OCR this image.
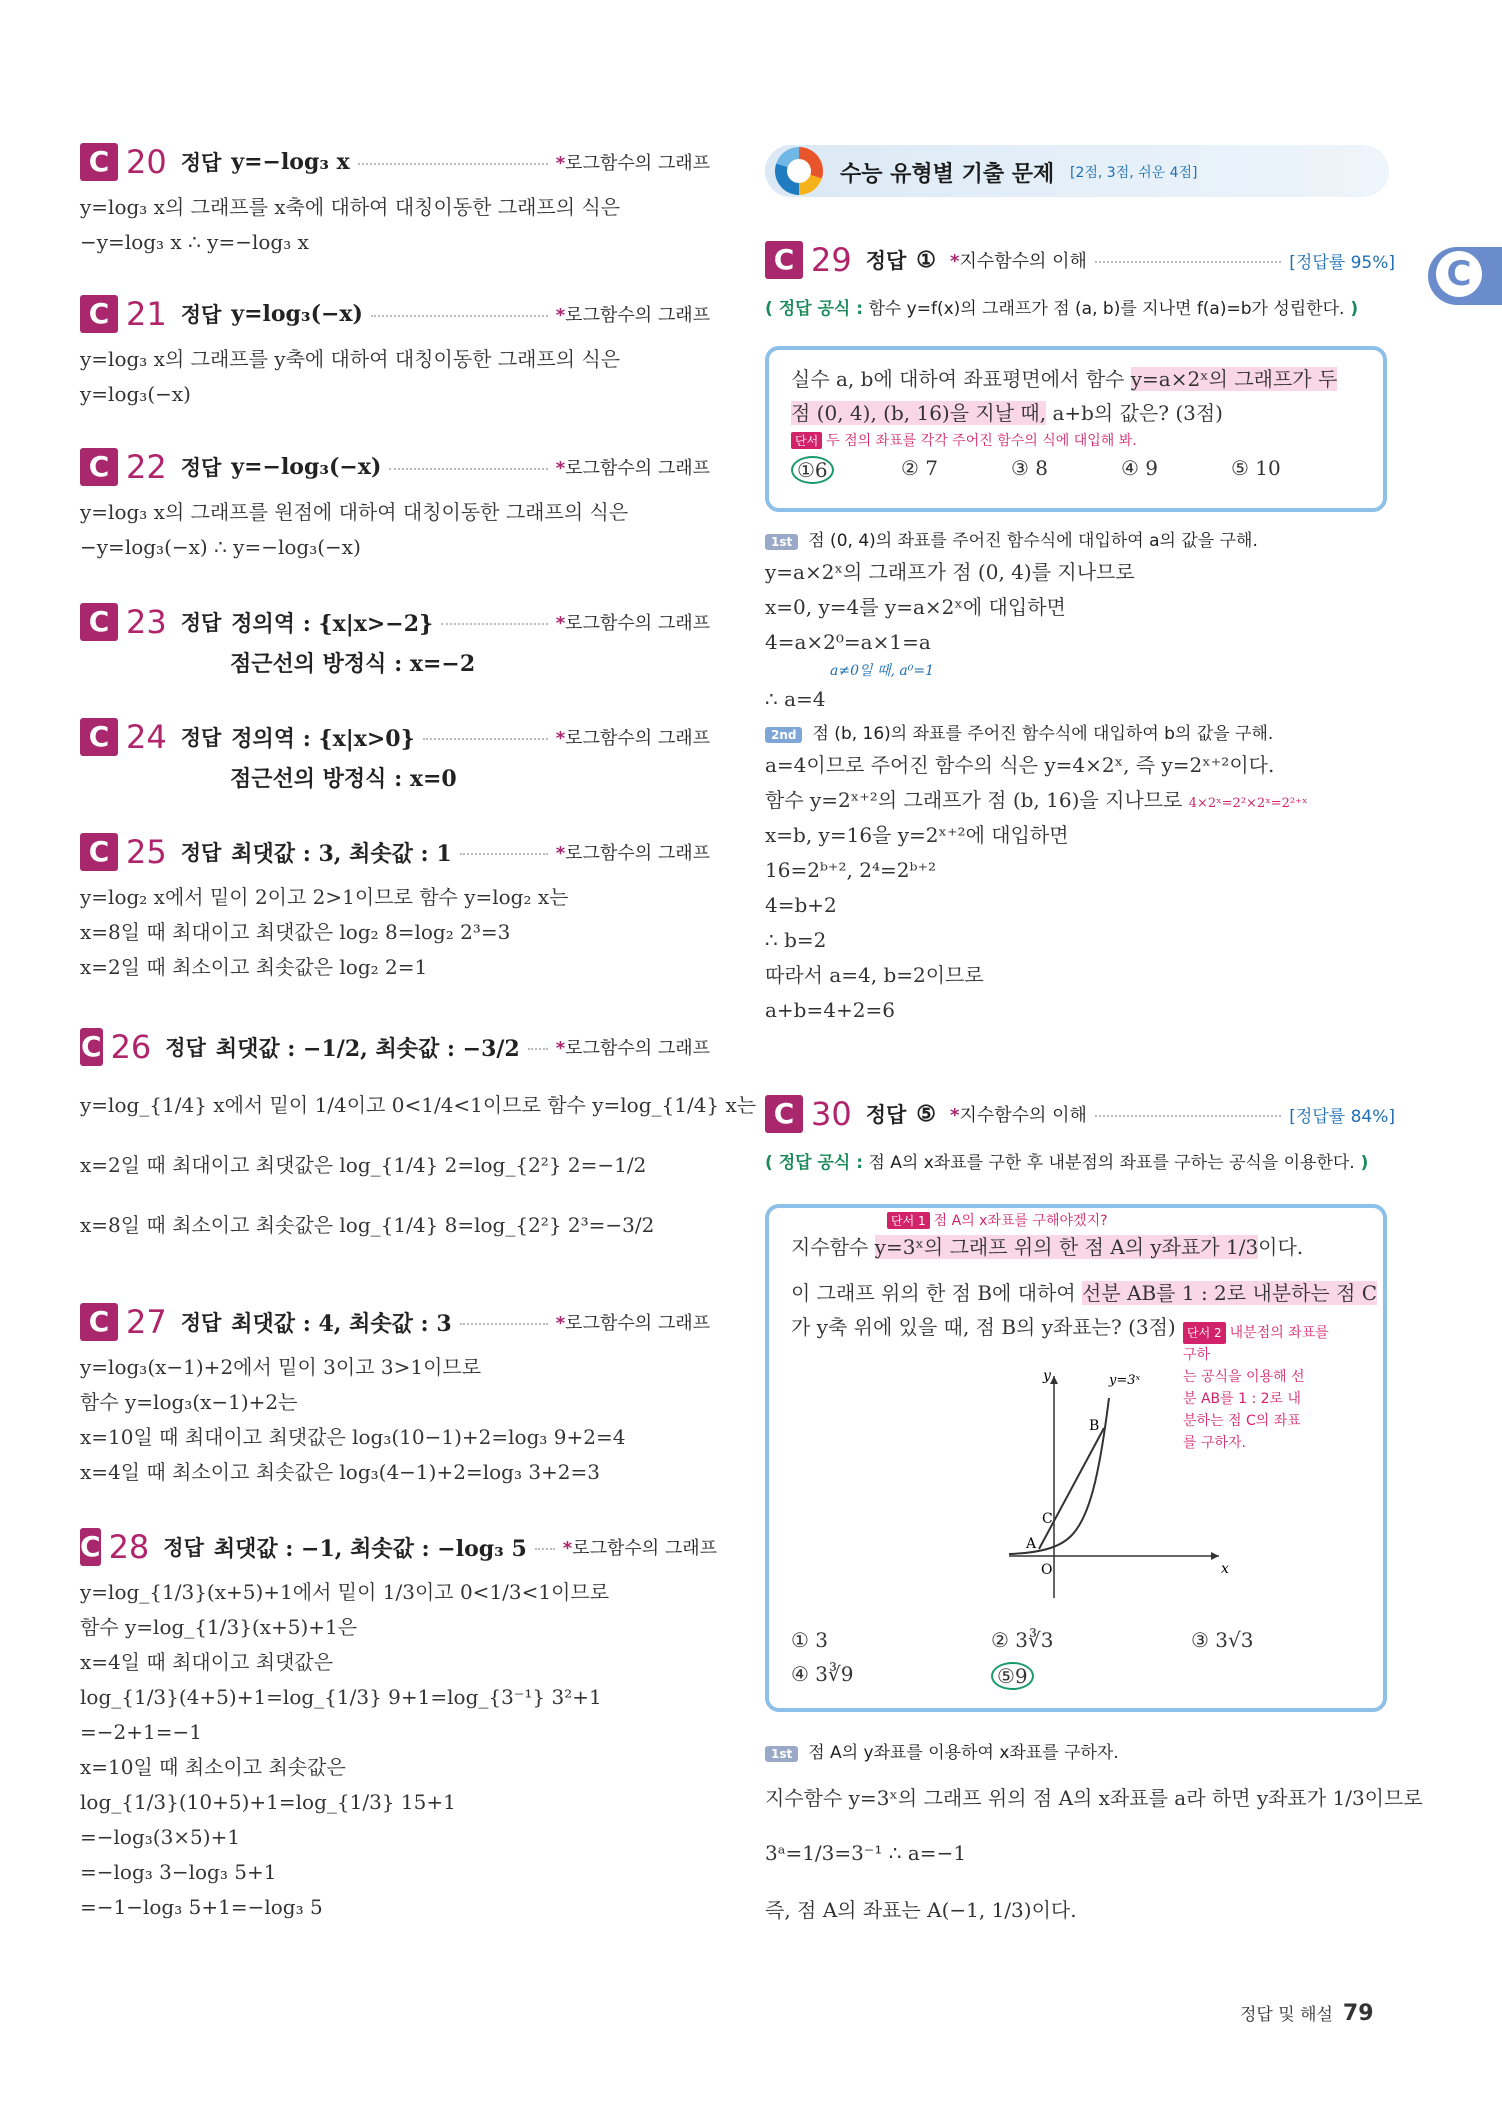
C 20 정답 y=−log₃ x	*로그함수의 그래프
y=log₃ x의 그래프를 x축에 대하여 대칭이동한 그래프의 식은
−y=log₃ x ∴ y=−log₃ x
C 21 정답 y=log₃(−x)	*로그함수의 그래프
y=log₃ x의 그래프를 y축에 대하여 대칭이동한 그래프의 식은
y=log₃(−x)
C 22 정답 y=−log₃(−x)	*로그함수의 그래프
y=log₃ x의 그래프를 원점에 대하여 대칭이동한 그래프의 식은
−y=log₃(−x) ∴ y=−log₃(−x)
C 23 정답 정의역 : {x|x>−2}	*로그함수의 그래프
점근선의 방정식 : x=−2
C 24 정답 정의역 : {x|x>0}	*로그함수의 그래프
점근선의 방정식 : x=0
C 25 정답 최댓값 : 3, 최솟값 : 1	*로그함수의 그래프
y=log₂ x에서 밑이 2이고 2>1이므로 함수 y=log₂ x는
x=8일 때 최대이고 최댓값은 log₂ 8=log₂ 2³=3
x=2일 때 최소이고 최솟값은 log₂ 2=1
C 26 정답 최댓값 : −1/2, 최솟값 : −3/2 *로그함수의 그래프
y=log_{1/4} x에서 밑이 1/4이고 0<1/4<1이므로 함수 y=log_{1/4} x는
x=2일 때 최대이고 최댓값은 log_{1/4} 2=log_{2²} 2=−1/2
x=8일 때 최소이고 최솟값은 log_{1/4} 8=log_{2²} 2³=−3/2
C 27 정답 최댓값 : 4, 최솟값 : 3	*로그함수의 그래프
y=log₃(x−1)+2에서 밑이 3이고 3>1이므로
함수 y=log₃(x−1)+2는
x=10일 때 최대이고 최댓값은 log₃(10−1)+2=log₃ 9+2=4
x=4일 때 최소이고 최솟값은 log₃(4−1)+2=log₃ 3+2=3
C 28 정답 최댓값 : −1, 최솟값 : −log₃ 5 *로그함수의 그래프
y=log_{1/3}(x+5)+1에서 밑이 1/3이고 0<1/3<1이므로
함수 y=log_{1/3}(x+5)+1은
x=4일 때 최대이고 최댓값은
log_{1/3}(4+5)+1=log_{1/3} 9+1=log_{3⁻¹} 3²+1
=−2+1=−1
x=10일 때 최소이고 최솟값은
log_{1/3}(10+5)+1=log_{1/3} 15+1
=−log₃(3×5)+1
=−log₃ 3−log₃ 5+1
=−1−log₃ 5+1=−log₃ 5
수능 유형별 기출 문제 [2점, 3점, 쉬운 4점]
C 29 정답 ① *지수함수의 이해	[정답률 95%]
( 정답 공식 : 함수 y=f(x)의 그래프가 점 (a, b)를 지나면 f(a)=b가 성립한다. )
실수 a, b에 대하여 좌표평면에서 함수 y=a×2ˣ의 그래프가 두
점 (0, 4), (b, 16)을 지날 때, a+b의 값은? (3점)
단서 두 점의 좌표를 각각 주어진 함수의 식에 대입해 봐.
①6	② 7	③ 8	④ 9	⑤ 10
1st 점 (0, 4)의 좌표를 주어진 함수식에 대입하여 a의 값을 구해.
y=a×2ˣ의 그래프가 점 (0, 4)를 지나므로
x=0, y=4를 y=a×2ˣ에 대입하면
4=a×2⁰=a×1=a
a≠0일 때, a⁰=1
∴ a=4
2nd 점 (b, 16)의 좌표를 주어진 함수식에 대입하여 b의 값을 구해.
a=4이므로 주어진 함수의 식은 y=4×2ˣ, 즉 y=2ˣ⁺²이다.
함수 y=2ˣ⁺²의 그래프가 점 (b, 16)을 지나므로 4×2ˣ=2²×2ˣ=2²⁺ˣ
x=b, y=16을 y=2ˣ⁺²에 대입하면
16=2ᵇ⁺², 2⁴=2ᵇ⁺²
4=b+2
∴ b=2
따라서 a=4, b=2이므로
a+b=4+2=6
C 30 정답 ⑤ *지수함수의 이해	[정답률 84%]
( 정답 공식 : 점 A의 x좌표를 구한 후 내분점의 좌표를 구하는 공식을 이용한다. )
단서 1 점 A의 x좌표를 구해야겠지?
지수함수 y=3ˣ의 그래프 위의 한 점 A의 y좌표가 1/3이다.
이 그래프 위의 한 점 B에 대하여 선분 AB를 1 : 2로 내분하는 점 C
가 y축 위에 있을 때, 점 B의 y좌표는? (3점) 단서 2 내분점의 좌표를 구하
는 공식을 이용해 선
분 AB를 1 : 2로 내
분하는 점 C의 좌표
를 구하자.
y
x
O
y=3ˣ
A
B
C
① 3	② 3∛3	③ 3√3
④ 3∛9	⑤9
1st 점 A의 y좌표를 이용하여 x좌표를 구하자.
지수함수 y=3ˣ의 그래프 위의 점 A의 x좌표를 a라 하면 y좌표가 1/3이므로
3ᵃ=1/3=3⁻¹ ∴ a=−1
즉, 점 A의 좌표는 A(−1, 1/3)이다.
C
정답 및 해설 79
